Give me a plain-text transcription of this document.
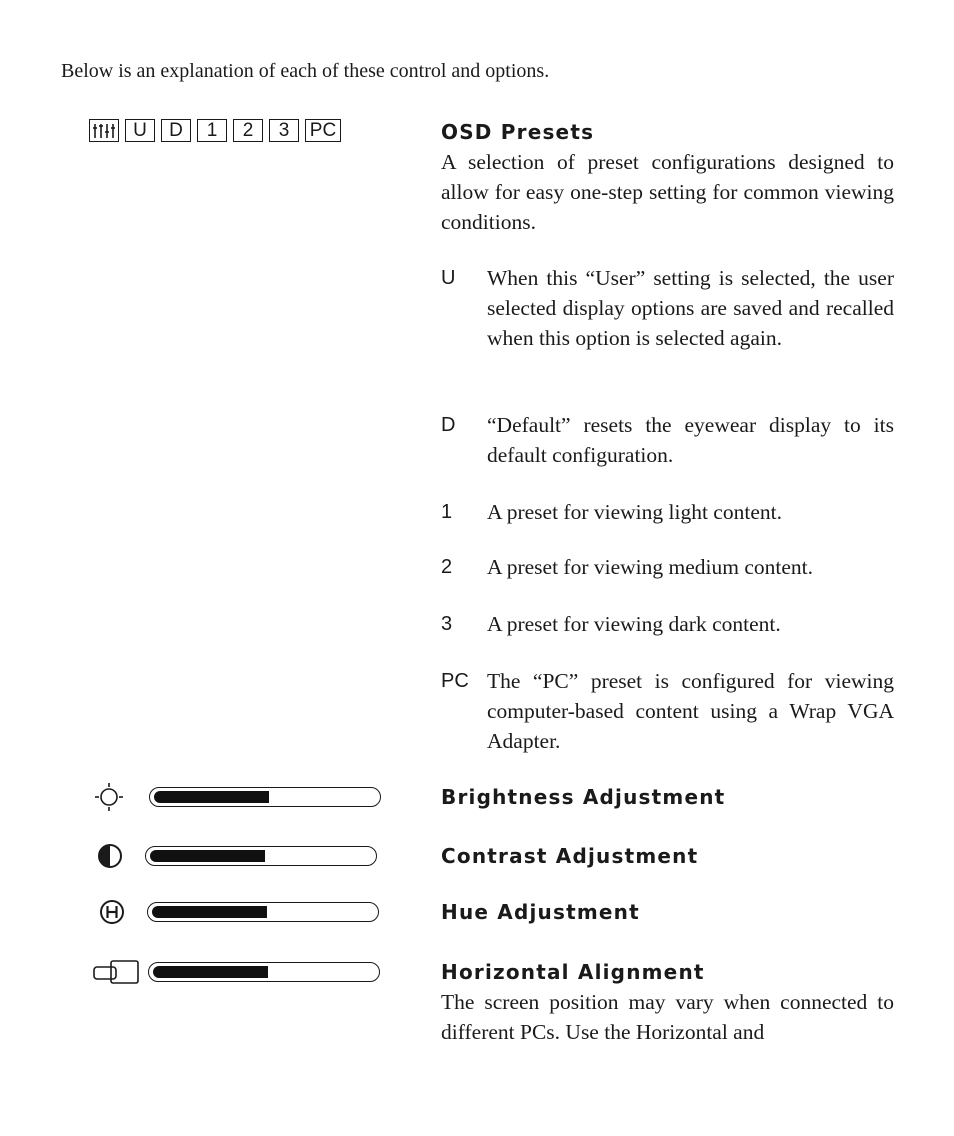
Below is an explanation of each of these control and options.
U	D	1	2	3	PC	OSD Presets
A selection of preset configurations designed to allow for easy one-step setting for common viewing conditions.
U	When this “User” setting is selected, the user selected display options are saved and recalled when this option is selected again.
D	“Default” resets the eyewear display to its default configuration.
1	A preset for viewing light content.
2	A preset for viewing medium content.
3	A preset for viewing dark content.
PC The “PC” preset is configured for viewing computer-based content using a Wrap VGA Adapter.
Brightness Adjustment
Contrast Adjustment
Hue Adjustment
Horizontal Alignment
The screen position may vary when connected to different PCs. Use the Horizontal and
